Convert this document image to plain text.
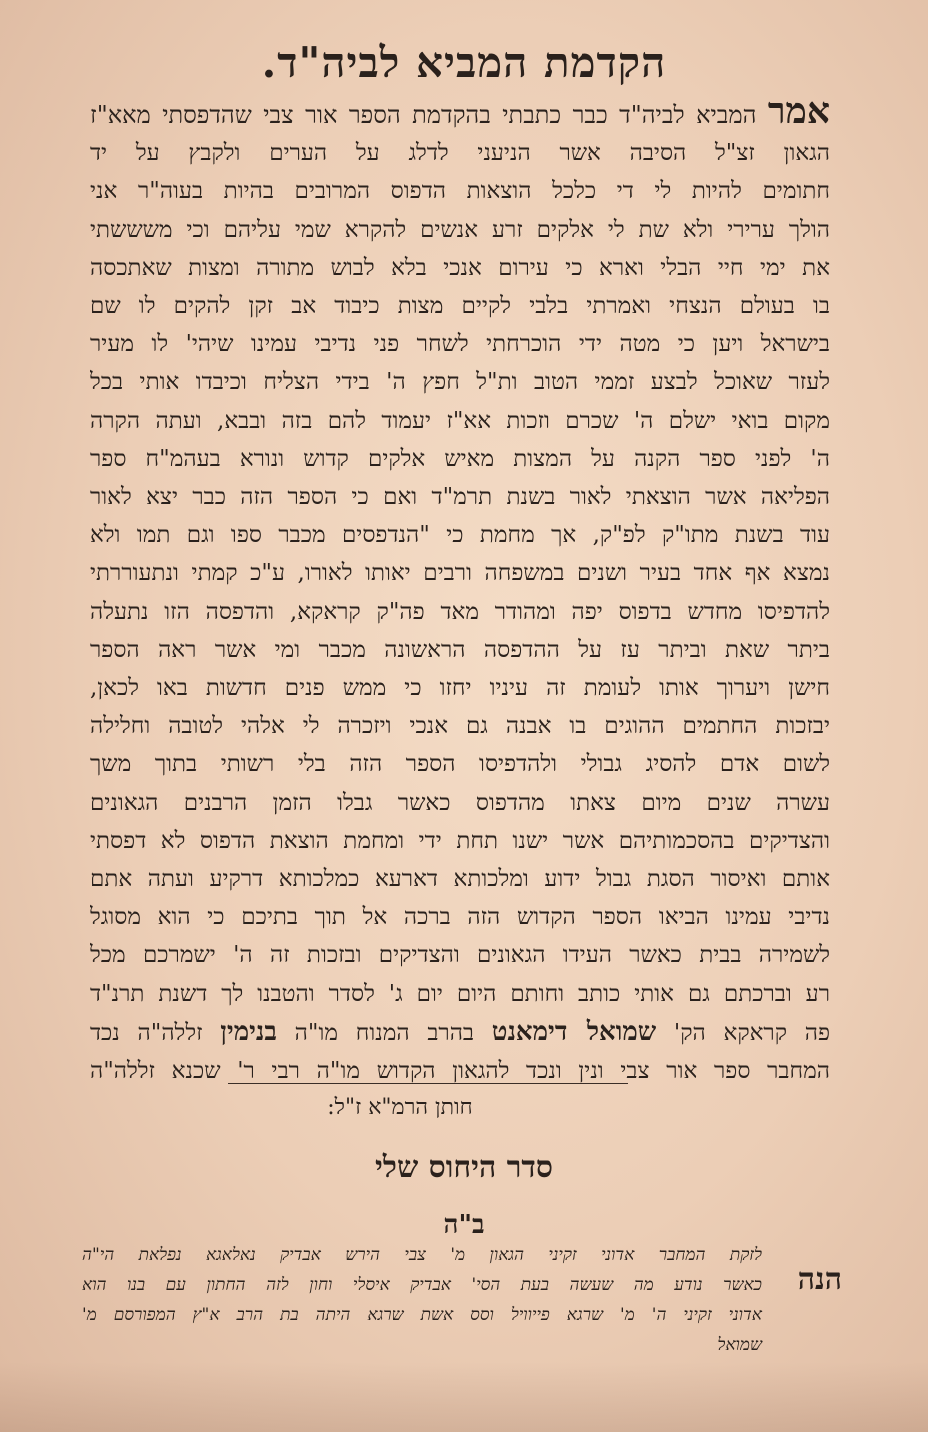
הקדמת המביא לביה"ד.
אמר המביא לביה"ד כבר כתבתי בהקדמת הספר אור צבי שהדפסתי מאא"ז
הגאון זצ"ל הסיבה אשר הניעני לדלג על הערים ולקבץ על יד
חתומים להיות לי די כלכל הוצאות הדפוס המרובים בהיות בעוה"ר אני
הולך ערירי ולא שת לי אלקים זרע אנשים להקרא שמי עליהם וכי משששתי
את ימי חיי הבלי וארא כי עירום אנכי בלא לבוש מתורה ומצות שאתכסה
בו בעולם הנצחי ואמרתי בלבי לקיים מצות כיבוד אב זקן להקים לו שם
בישראל ויען כי מטה ידי הוכרחתי לשחר פני נדיבי עמינו שיהי' לו מעיר
לעזר שאוכל לבצע זממי הטוב ות"ל חפץ ה' בידי הצליח וכיבדו אותי בכל
מקום בואי ישלם ה' שכרם וזכות אא"ז יעמוד להם בזה ובבא, ועתה הקרה
ה' לפני ספר הקנה על המצות מאיש אלקים קדוש ונורא בעהמ"ח ספר
הפליאה אשר הוצאתי לאור בשנת תרמ"ד ואם כי הספר הזה כבר יצא לאור
עוד בשנת מתו"ק לפ"ק, אך מחמת כי "הנדפסים מכבר ספו וגם תמו ולא
נמצא אף אחד בעיר ושנים במשפחה ורבים יאותו לאורו, ע"כ קמתי ונתעוררתי
להדפיסו מחדש בדפוס יפה ומהודר מאד פה"ק קראקא, והדפסה הזו נתעלה
ביתר שאת וביתר עז על ההדפסה הראשונה מכבר ומי אשר ראה הספר
חישן ויערוך אותו לעומת זה עיניו יחזו כי ממש פנים חדשות באו לכאן,
יבזכות החתמים ההוגים בו אבנה גם אנכי ויזכרה לי אלהי לטובה וחלילה
לשום אדם להסיג גבולי ולהדפיסו הספר הזה בלי רשותי בתוך משך
עשרה שנים מיום צאתו מהדפוס כאשר גבלו הזמן הרבנים הגאונים
והצדיקים בהסכמותיהם אשר ישנו תחת ידי ומחמת הוצאת הדפוס לא דפסתי
אותם ואיסור הסגת גבול ידוע ומלכותא דארעא כמלכותא דרקיע ועתה אתם
נדיבי עמינו הביאו הספר הקדוש הזה ברכה אל תוך בתיכם כי הוא מסוגל
לשמירה בבית כאשר העידו הגאונים והצדיקים ובזכות זה ה' ישמרכם מכל
רע וברכתם גם אותי כותב וחותם היום יום ג' לסדר והטבנו לך דשנת תרנ"ד
פה קראקא הק' שמואל דימאנט בהרב המנוח מו"ה בנימין זללה"ה נכד
המחבר ספר אור צבי ונין ונכד להגאון הקדוש מו"ה רבי ר' שכנא זללה"ה
חותן הרמ"א ז"ל:
סדר היחוס שלי
ב"ה
הנה
לזקת המחבר אדוני זקיני הגאון מ' צבי הירש אבדיק נאלאגא נפלאת הי"ה
כאשר נודע מה שעשה בעת הסי' אבדיק איסלי וחון לזה החתון עם בנו הוא
אדוני זקיני ה' מ' שרגא פייוויל וסס אשת שרגא היתה בת הרב א"ץ המפורסם מ'
שמואל
